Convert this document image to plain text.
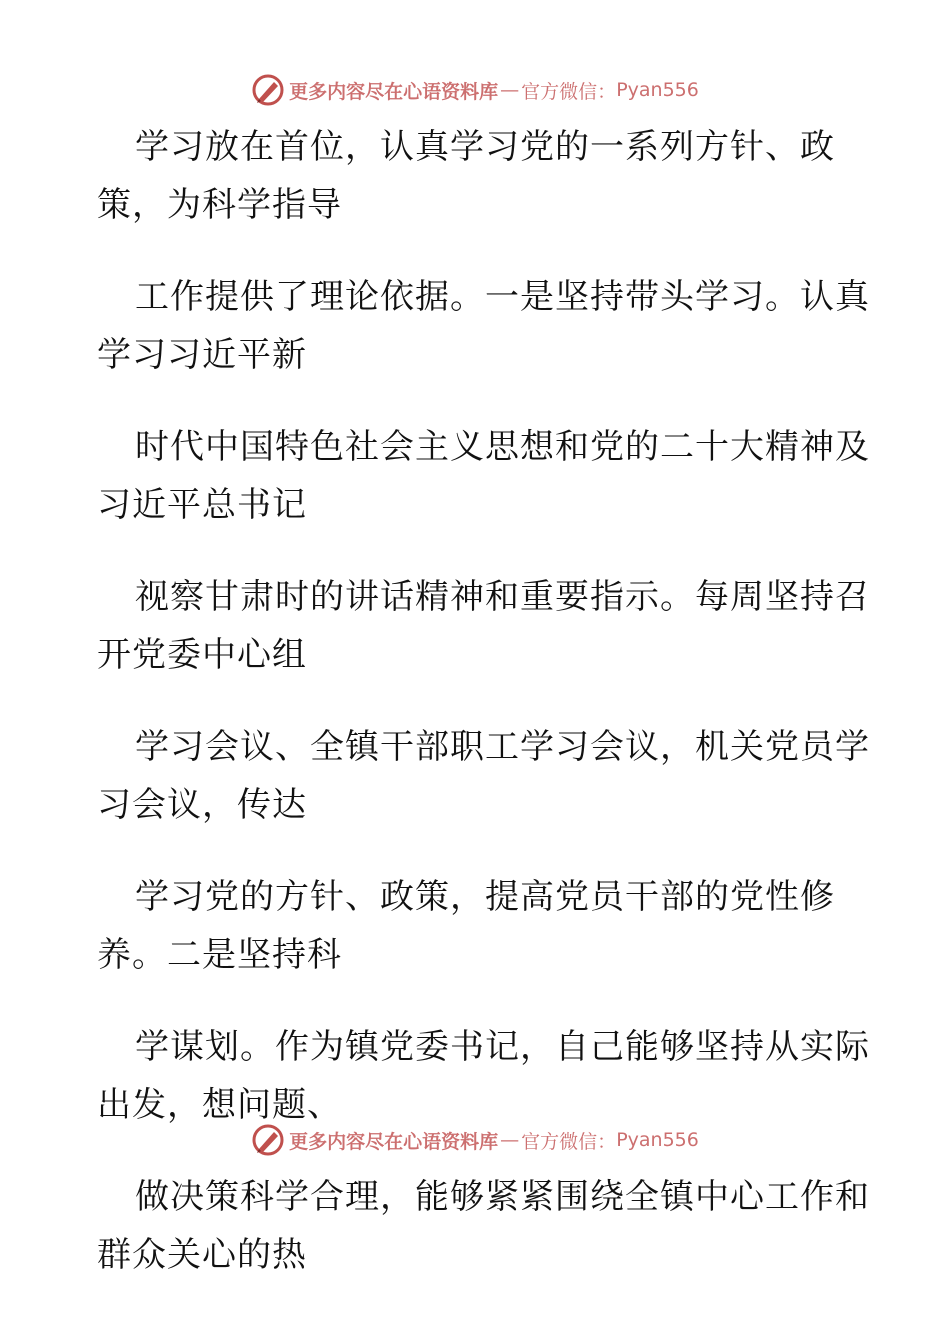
更多内容尽在心语资料库 — 官方微信： Pyan556

学习放在首位，认真学习党的一系列方针、政
策，为科学指导

工作提供了理论依据。一是坚持带头学习。认真
学习习近平新

时代中国特色社会主义思想和党的二十大精神及
习近平总书记

视察甘肃时的讲话精神和重要指示。每周坚持召
开党委中心组

学习会议、全镇干部职工学习会议，机关党员学
习会议，传达

学习党的方针、政策，提高党员干部的党性修
养。二是坚持科

学谋划。作为镇党委书记，自己能够坚持从实际
出发，想问题、

做决策科学合理，能够紧紧围绕全镇中心工作和
群众关心的热

更多内容尽在心语资料库 — 官方微信： Pyan556
